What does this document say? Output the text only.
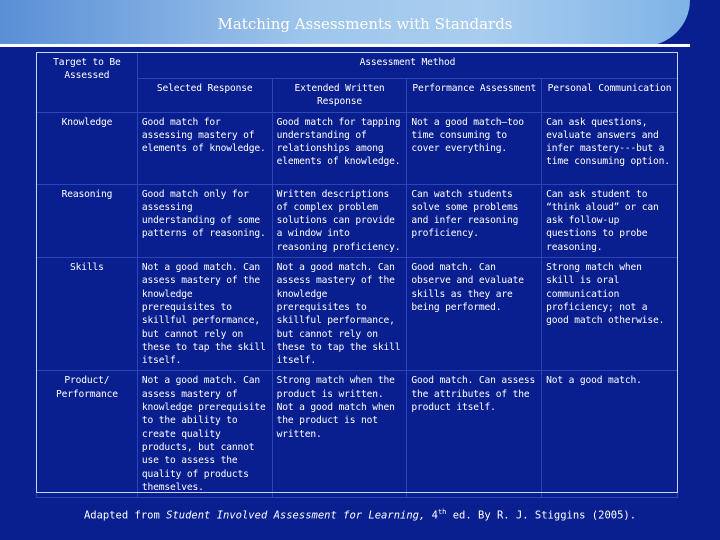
Matching Assessments with Standards
Target to Be Assessed	Assessment Method			
	Selected Response	Extended Written Response	Performance Assessment	Personal Communication
Knowledge	Good match for assessing mastery of elements of knowledge.	Good match for tapping understanding of relationships among elements of knowledge.	Not a good match—too time consuming to cover everything.	Can ask questions, evaluate answers and infer mastery---but a time consuming option.
Reasoning	Good match only for assessing understanding of some patterns of reasoning.	Written descriptions of complex problem solutions can provide a window into reasoning proficiency.	Can watch students solve some problems and infer reasoning proficiency.	Can ask student to “think aloud” or can ask follow-up questions to probe reasoning.
Skills	Not a good match. Can assess mastery of the knowledge prerequisites to skillful performance, but cannot rely on these to tap the skill itself.	Not a good match. Can assess mastery of the knowledge prerequisites to skillful performance, but cannot rely on these to tap the skill itself.	Good match. Can observe and evaluate skills as they are being performed.	Strong match when skill is oral communication proficiency; not a good match otherwise.
Product/ Performance	Not a good match. Can assess mastery of knowledge prerequisite to the ability to create quality products, but cannot use to assess the quality of products themselves.	Strong match when the product is written. Not a good match when the product is not written.	Good match. Can assess the attributes of the product itself.	Not a good match.
Adapted from Student Involved Assessment for Learning, 4th ed. By R. J. Stiggins (2005).
